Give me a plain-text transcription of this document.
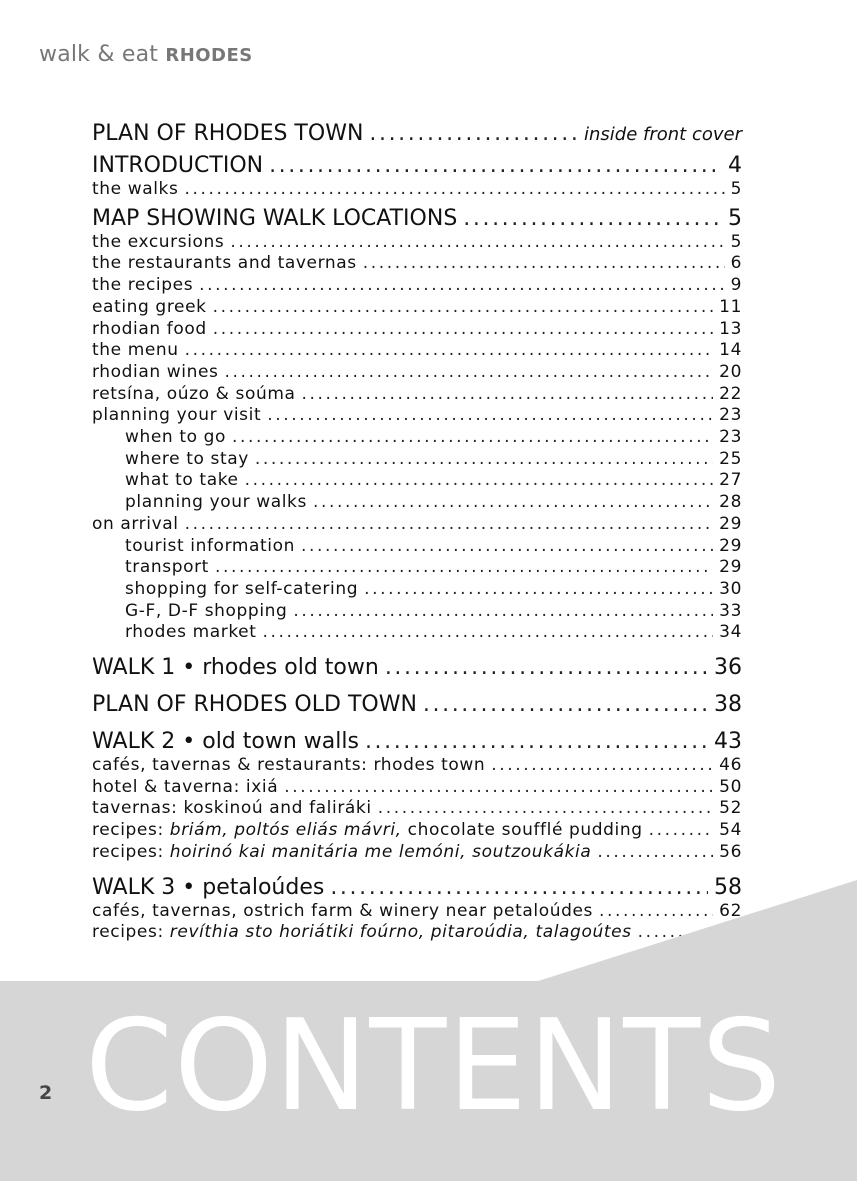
walk & eat RHODES
PLAN OF RHODES TOWN .....	inside front cover
INTRODUCTION .....	4
the walks .....	5
MAP SHOWING WALK LOCATIONS .....	5
the excursions .....	5
the restaurants and tavernas .....	6
the recipes .....	9
eating greek .....	11
rhodian food .....	13
the menu .....	14
rhodian wines .....	20
retsína, oúzo & soúma .....	22
planning your visit .....	23
when to go .....	23
where to stay .....	25
what to take .....	27
planning your walks .....	28
on arrival .....	29
tourist information .....	29
transport .....	29
shopping for self-catering .....	30
G-F, D-F shopping .....	33
rhodes market .....	34
WALK 1 • rhodes old town .....	36
PLAN OF RHODES OLD TOWN .....	38
WALK 2 • old town walls .....	43
cafés, tavernas & restaurants: rhodes town .....	46
hotel & taverna: ixiá .....	50
tavernas: koskinoú and faliráki .....	52
recipes: briám, poltós eliás mávri, chocolate soufflé pudding .....	54
recipes: hoirinó kai manitária me lemóni, soutzoukákia .....	56
WALK 3 • petaloúdes .....	58
cafés, tavernas, ostrich farm & winery near petaloúdes .....	62
recipes: revíthia sto horiátiki foúrno, pitaroúdia, talagoútes
.....
CONTENTS
2
